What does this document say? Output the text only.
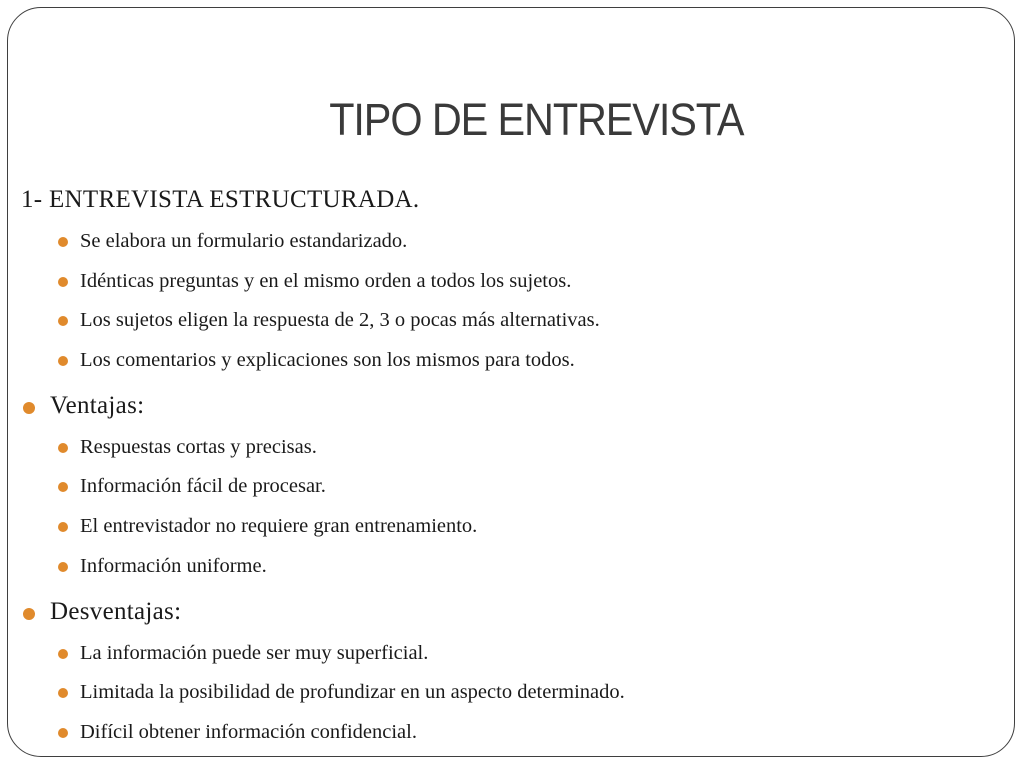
TIPO DE ENTREVISTA
1- ENTREVISTA ESTRUCTURADA.
Se elabora un formulario estandarizado.
Idénticas preguntas y en el mismo orden a todos los sujetos.
Los sujetos eligen la respuesta de 2, 3 o pocas más alternativas.
Los comentarios y explicaciones son los mismos para todos.
Ventajas:
Respuestas cortas y precisas.
Información fácil de procesar.
El entrevistador no requiere gran entrenamiento.
Información uniforme.
Desventajas:
La información puede ser muy superficial.
Limitada la posibilidad de profundizar en un aspecto determinado.
Difícil obtener información confidencial.
